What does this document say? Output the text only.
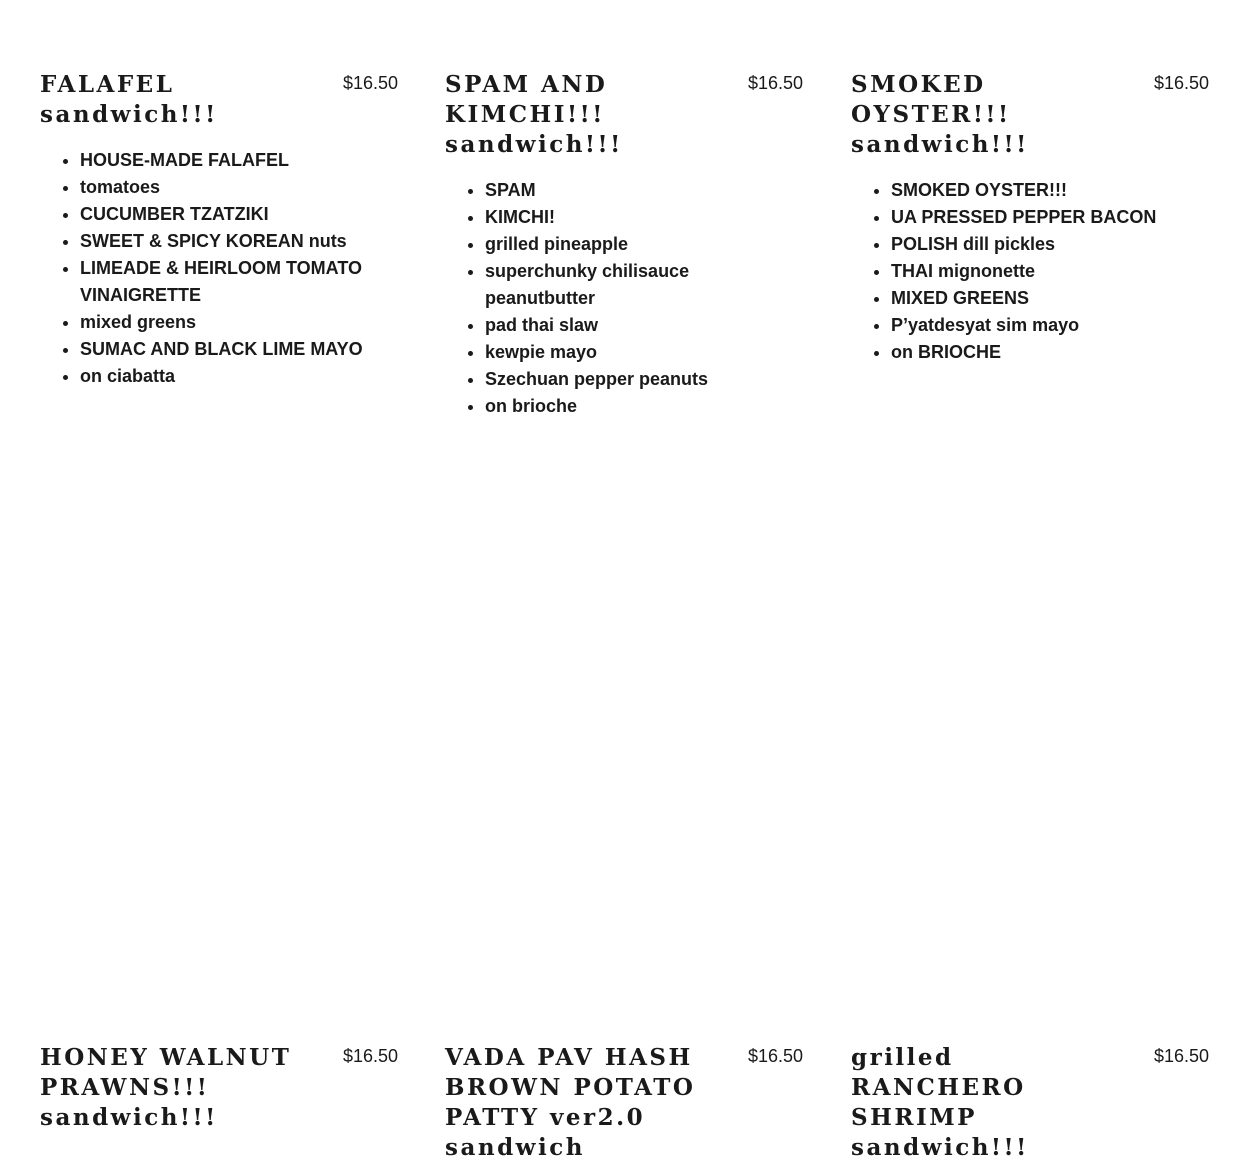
FALAFEL sandwich!!!
$16.50
• HOUSE-MADE FALAFEL
• tomatoes
• CUCUMBER TZATZIKI
• SWEET & SPICY KOREAN nuts
• LIMEADE & HEIRLOOM TOMATO VINAIGRETTE
• mixed greens
• SUMAC AND BLACK LIME MAYO
• on ciabatta
SPAM AND KIMCHI!!! sandwich!!!
$16.50
• SPAM
• KIMCHI!
• grilled pineapple
• superchunky chilisauce peanutbutter
• pad thai slaw
• kewpie mayo
• Szechuan pepper peanuts
• on brioche
SMOKED OYSTER!!! sandwich!!!
$16.50
• SMOKED OYSTER!!!
• UA PRESSED PEPPER BACON
• POLISH dill pickles
• THAI mignonette
• MIXED GREENS
• P’yatdesyat sim mayo
• on BRIOCHE
HONEY WALNUT PRAWNS!!! sandwich!!!
$16.50 VADA PAV HASH BROWN POTATO PATTY ver2.0 sandwich
$16.50 grilled RANCHERO SHRIMP sandwich!!!
$16.50
